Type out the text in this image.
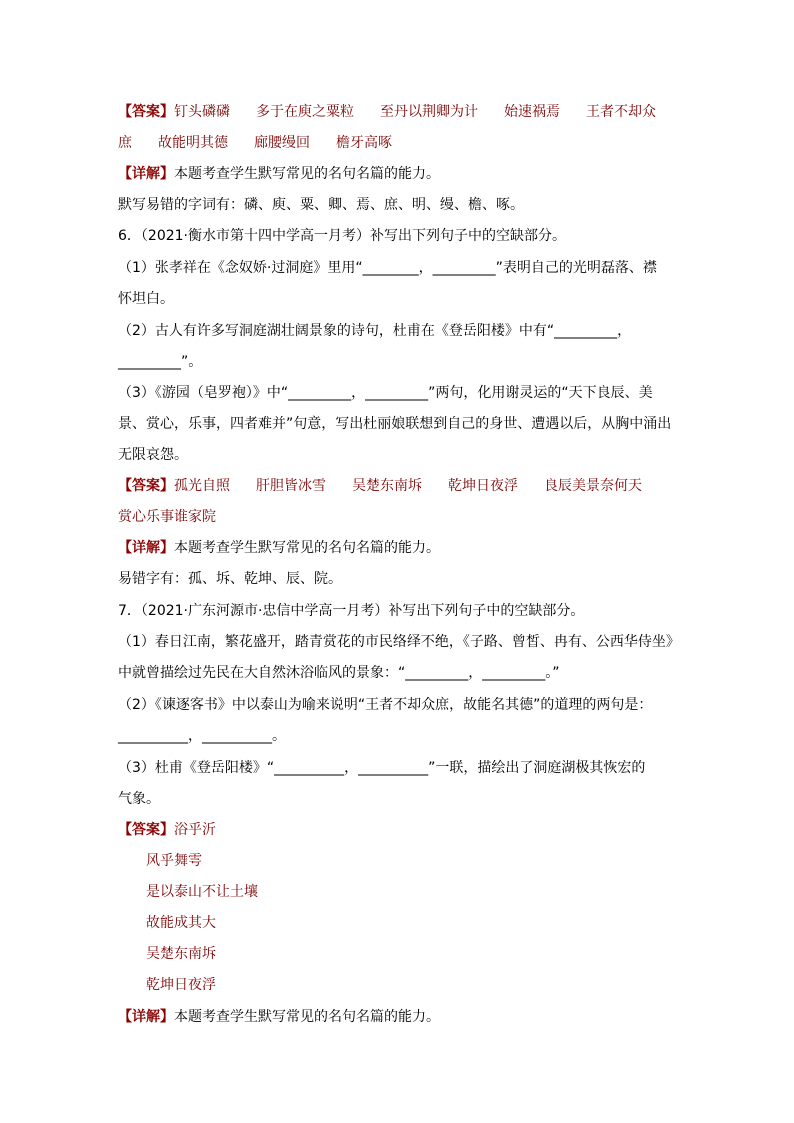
【答案】钉头磷磷 多于在庾之粟粒 至丹以荆卿为计 始速祸焉 王者不却众
庶 故能明其德 廊腰缦回 檐牙高啄
【详解】本题考查学生默写常见的名句名篇的能力。
默写易错的字词有：磷、庾、粟、卿、焉、庶、明、缦、檐、啄。
6．（2021·衡水市第十四中学高一月考）补写出下列句子中的空缺部分。
（1）张孝祥在《念奴娇·过洞庭》里用“________，_________”表明自己的光明磊落、襟
怀坦白。
（2）古人有许多写洞庭湖壮阔景象的诗句，杜甫在《登岳阳楼》中有“_________，
_________”。
（3）《游园（皂罗袍）》中“_________，_________”两句，化用谢灵运的“天下良辰、美
景、赏心，乐事，四者难并”句意，写出杜丽娘联想到自己的身世、遭遇以后，从胸中涌出
无限哀怨。
【答案】孤光自照 肝胆皆冰雪 吴楚东南坼 乾坤日夜浮 良辰美景奈何天
赏心乐事谁家院
【详解】本题考查学生默写常见的名句名篇的能力。
易错字有：孤、坼、乾坤、辰、院。
7．（2021·广东河源市·忠信中学高一月考）补写出下列句子中的空缺部分。
（1）春日江南，繁花盛开，踏青赏花的市民络绎不绝，《子路、曾皙、冉有、公西华侍坐》
中就曾描绘过先民在大自然沐浴临风的景象：“_________，_________。”
（2）《谏逐客书》中以泰山为喻来说明“王者不却众庶，故能名其德”的道理的两句是：
__________，__________。
（3）杜甫《登岳阳楼》“__________，__________”一联，描绘出了洞庭湖极其恢宏的
气象。
【答案】浴乎沂
风乎舞雩
是以泰山不让土壤
故能成其大
吴楚东南坼
乾坤日夜浮
【详解】本题考查学生默写常见的名句名篇的能力。
